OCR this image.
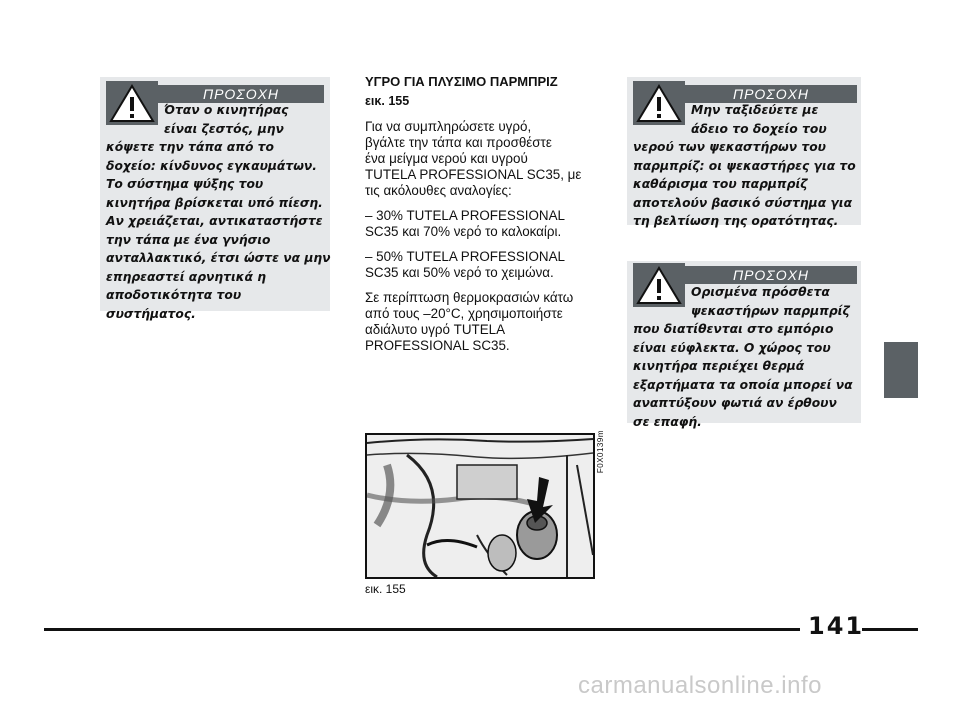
ΠΡΟΣΟΧΗ
Όταν ο κινητήρας
είναι ζεστός, μην
κόψετε την τάπα από το
δοχείο: κίνδυνος εγκαυμάτων.
Το σύστημα ψύξης του
κινητήρα βρίσκεται υπό πίεση.
Αν χρειάζεται, αντικαταστήστε
την τάπα με ένα γνήσιο
ανταλλακτικό, έτσι ώστε να μην
επηρεαστεί αρνητικά η
αποδοτικότητα του
συστήματος.

ΥΓΡΟ ΓΙΑ ΠΛΥΣΙΜΟ ΠΑΡΜΠΡΙΖ

εικ. 155

Για να συμπληρώσετε υγρό,
βγάλτε την τάπα και προσθέστε
ένα μείγμα νερού και υγρού
TUTELA PROFESSIONAL SC35, με
τις ακόλουθες αναλογίες:

– 30% TUTELA PROFESSIONAL
SC35 και 70% νερό το καλοκαίρι.

– 50% TUTELA PROFESSIONAL
SC35 και 50% νερό το χειμώνα.

Σε περίπτωση θερμοκρασιών κάτω
από τους –20°C, χρησιμοποιήστε
αδιάλυτο υγρό TUTELA
PROFESSIONAL SC35.

ΠΡΟΣΟΧΗ
Μην ταξιδεύετε με
άδειο το δοχείο του
νερού των ψεκαστήρων του
παρμπρίζ: οι ψεκαστήρες για το
καθάρισμα του παρμπρίζ
αποτελούν βασικό σύστημα για
τη βελτίωση της ορατότητας.
ΠΡΟΣΟΧΗ
Ορισμένα πρόσθετα
ψεκαστήρων παρμπρίζ
που διατίθενται στο εμπόριο
είναι εύφλεκτα. Ο χώρος του
κινητήρα περιέχει θερμά
εξαρτήματα τα οποία μπορεί να
αναπτύξουν φωτιά αν έρθουν
σε επαφή.
F0X0139m
εικ. 155
141
carmanualsonline.info
